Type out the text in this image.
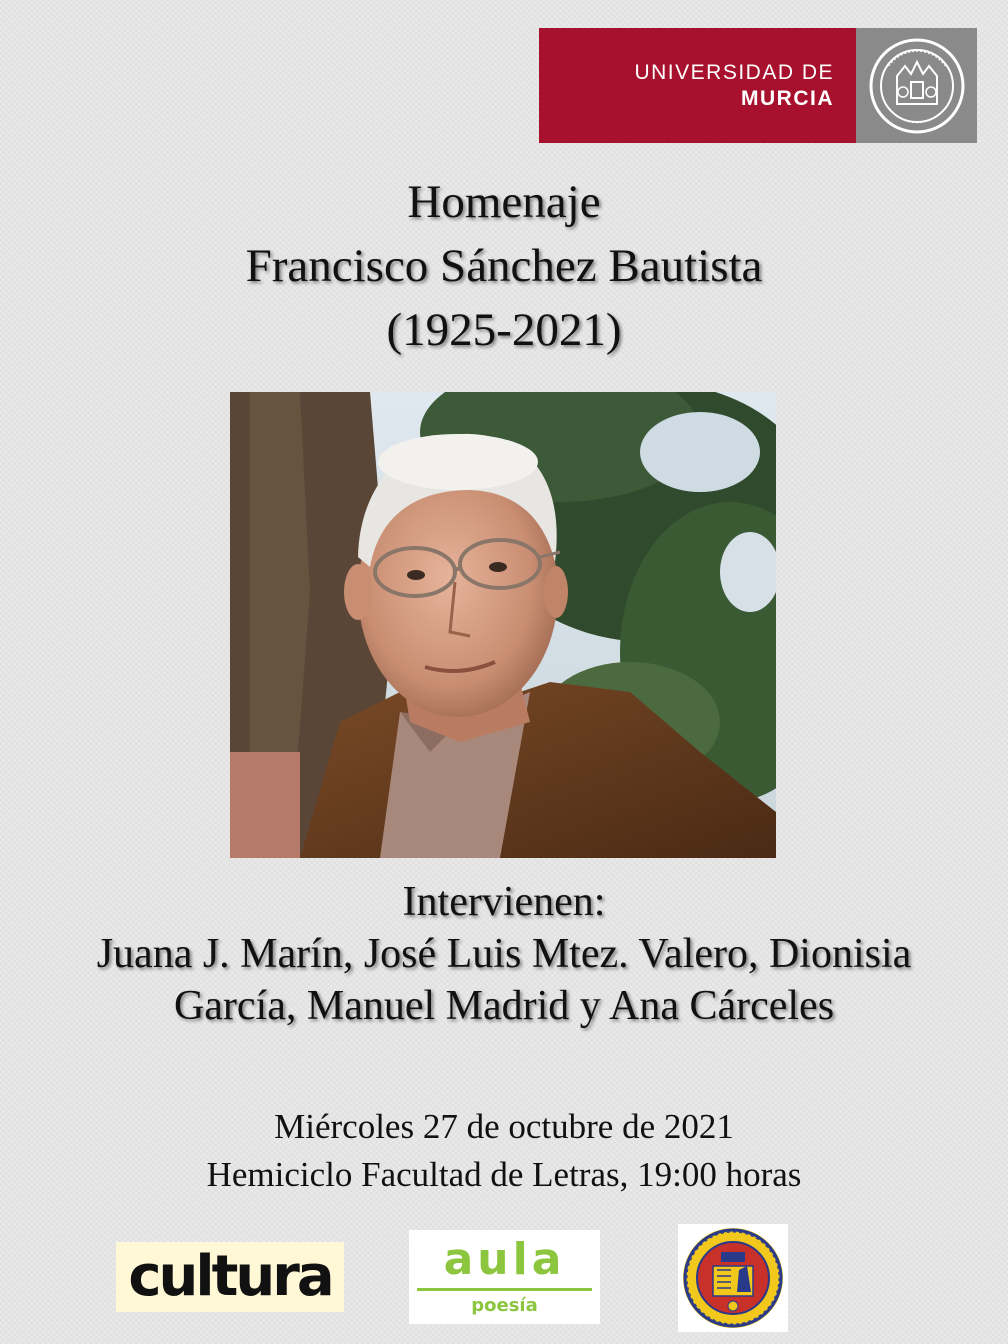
UNIVERSIDAD DE
MURCIA
Homenaje
Francisco Sánchez Bautista
(1925-2021)
Intervienen:
Juana J. Marín, José Luis Mtez. Valero, Dionisia
García, Manuel Madrid y Ana Cárceles
Miércoles 27 de octubre de 2021
Hemiciclo Facultad de Letras, 19:00 horas
cultura	aula
poesía
